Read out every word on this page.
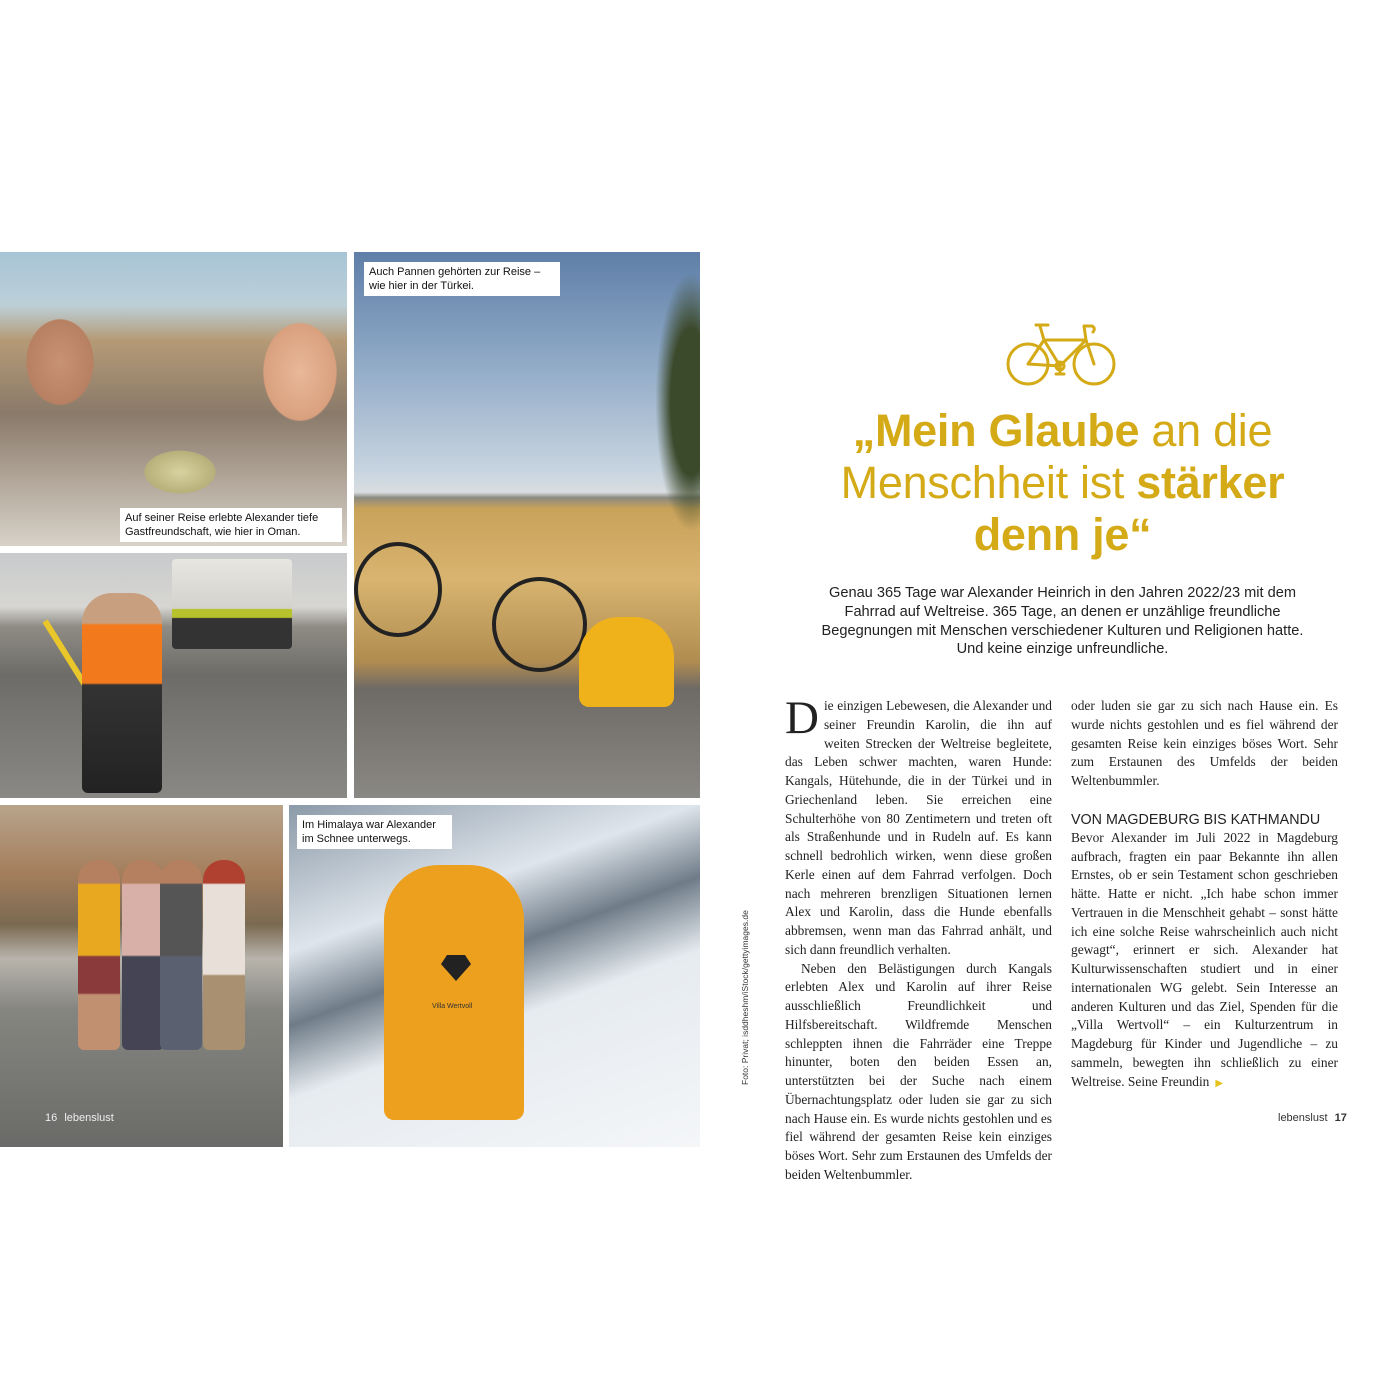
Auf seiner Reise erlebte Alexander tiefe Gastfreundschaft, wie hier in Oman.
Auch Pannen gehörten zur Reise – wie hier in der Türkei.
16 lebenslust
Villa Wertvoll
Im Himalaya war Alexander im Schnee unterwegs.
Foto: Privat; isddheshm/iStock/gettyimages.de
„Mein Glaube an die
Menschheit ist stärker
denn je“
Genau 365 Tage war Alexander Heinrich in den Jahren 2022/23 mit dem Fahrrad auf Weltreise. 365 Tage, an denen er unzählige freundliche Begegnungen mit Menschen verschiedener Kulturen und Religionen hatte. Und keine einzige unfreundliche.

Die einzigen Lebewesen, die Alexander und seiner Freundin Karolin, die ihn auf weiten Strecken der Weltreise begleitete, das Leben schwer machten, waren Hunde: Kangals, Hütehunde, die in der Türkei und in Griechenland leben. Sie erreichen eine Schulterhöhe von 80 Zentimetern und treten oft als Straßenhunde und in Rudeln auf. Es kann schnell bedrohlich wirken, wenn diese großen Kerle einen auf dem Fahrrad verfolgen. Doch nach mehreren brenzligen Situationen lernen Alex und Karolin, dass die Hunde ebenfalls abbremsen, wenn man das Fahrrad anhält, und sich dann freundlich verhalten.

Neben den Belästigungen durch Kangals erlebten Alex und Karolin auf ihrer Reise ausschließlich Freundlichkeit und Hilfsbereitschaft. Wildfremde Menschen schleppten ihnen die Fahrräder eine Treppe hinunter, boten den beiden Essen an, unterstützten bei der Suche nach einem Übernachtungsplatz oder luden sie gar zu sich nach Hause ein. Es wurde nichts gestohlen und es fiel während der gesamten Reise kein einziges böses Wort. Sehr zum Erstaunen des Umfelds der beiden Weltenbummler.

oder luden sie gar zu sich nach Hause ein. Es wurde nichts gestohlen und es fiel während der gesamten Reise kein einziges böses Wort. Sehr zum Erstaunen des Umfelds der beiden Weltenbummler.

VON MAGDEBURG BIS KATHMANDU

Bevor Alexander im Juli 2022 in Magdeburg aufbrach, fragten ein paar Bekannte ihn allen Ernstes, ob er sein Testament schon geschrieben hätte. Hatte er nicht. „Ich habe schon immer Vertrauen in die Menschheit gehabt – sonst hätte ich eine solche Reise wahrscheinlich auch nicht gewagt“, erinnert er sich. Alexander hat Kulturwissenschaften studiert und in einer internationalen WG gelebt. Sein Interesse an anderen Kulturen und das Ziel, Spenden für die „Villa Wertvoll“ – ein Kulturzentrum in Magdeburg für Kinder und Jugendliche – zu sammeln, bewegten ihn schließlich zu einer Weltreise. Seine Freundin ▶

lebenslust 17
